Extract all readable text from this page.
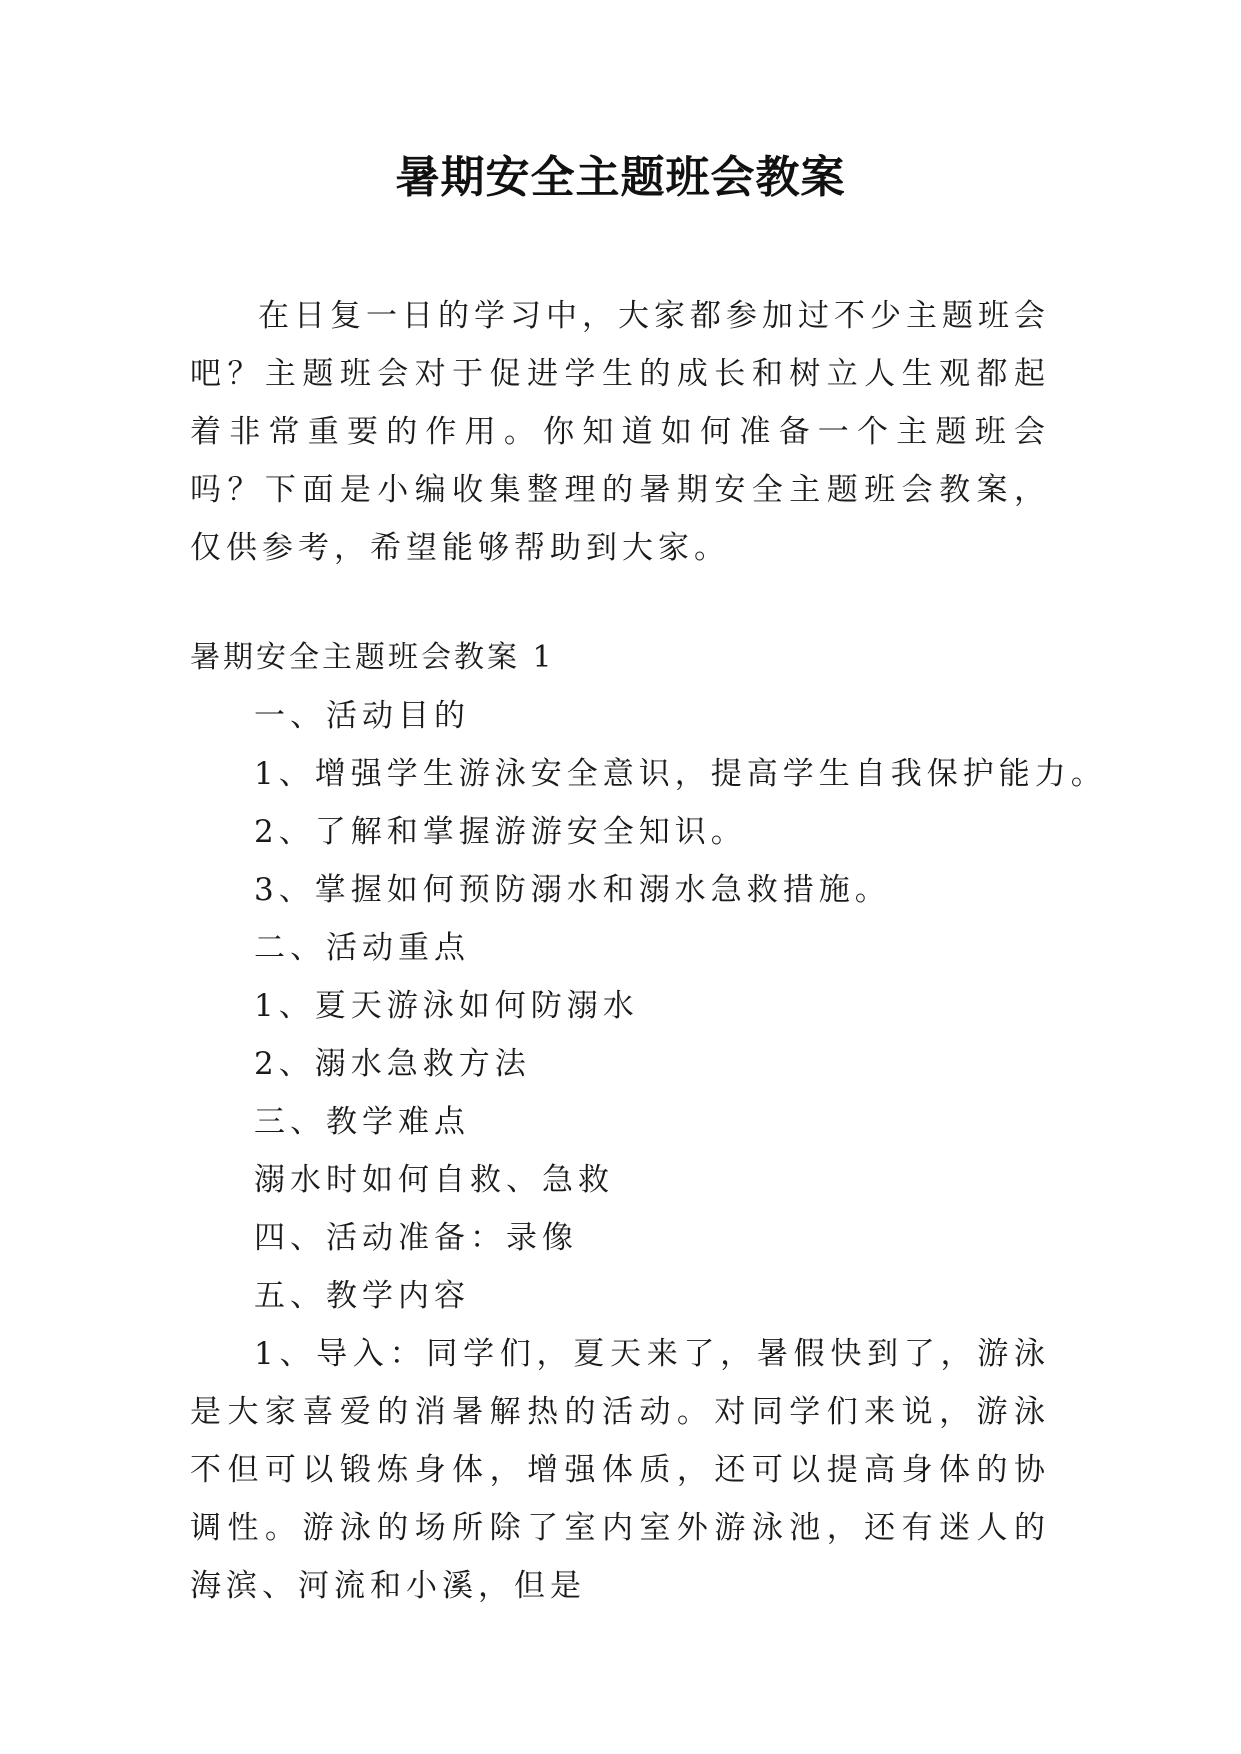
暑期安全主题班会教案

在日复一日的学习中，大家都参加过不少主题班会吧？主题班会对于促进学生的成长和树立人生观都起着非常重要的作用。你知道如何准备一个主题班会吗？下面是小编收集整理的暑期安全主题班会教案，仅供参考，希望能够帮助到大家。

暑期安全主题班会教案 1

一、活动目的

1、增强学生游泳安全意识，提高学生自我保护能力。

2、了解和掌握游游安全知识。

3、掌握如何预防溺水和溺水急救措施。

二、活动重点

1、夏天游泳如何防溺水

2、溺水急救方法

三、教学难点

溺水时如何自救、急救

四、活动准备：录像

五、教学内容

1、导入：同学们，夏天来了，暑假快到了，游泳是大家喜爱的消暑解热的活动。对同学们来说，游泳不但可以锻炼身体，增强体质，还可以提高身体的协调性。游泳的场所除了室内室外游泳池，还有迷人的海滨、河流和小溪，但是
